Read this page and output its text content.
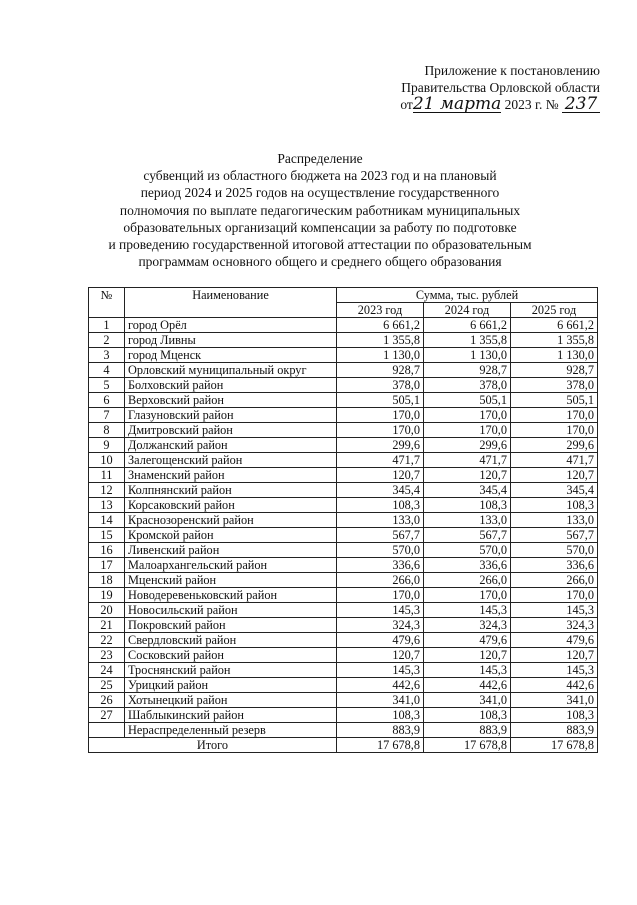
Приложение к постановлению
Правительства Орловской области
от21 марта 2023 г. № 237
Распределение
субвенций из областного бюджета на 2023 год и на плановый
период 2024 и 2025 годов на осуществление государственного
полномочия по выплате педагогическим работникам муниципальных
образовательных организаций компенсации за работу по подготовке
и проведению государственной итоговой аттестации по образовательным
программам основного общего и среднего общего образования
№	Наименование	Сумма, тыс. рублей		
		2023 год	2024 год	2025 год
1	город Орёл	6 661,2	6 661,2	6 661,2
2	город Ливны	1 355,8	1 355,8	1 355,8
3	город Мценск	1 130,0	1 130,0	1 130,0
4	Орловский муниципальный округ	928,7	928,7	928,7
5	Болховский район	378,0	378,0	378,0
6	Верховский район	505,1	505,1	505,1
7	Глазуновский район	170,0	170,0	170,0
8	Дмитровский район	170,0	170,0	170,0
9	Должанский район	299,6	299,6	299,6
10	Залегощенский район	471,7	471,7	471,7
11	Знаменский район	120,7	120,7	120,7
12	Колпнянский район	345,4	345,4	345,4
13	Корсаковский район	108,3	108,3	108,3
14	Краснозоренский район	133,0	133,0	133,0
15	Кромской район	567,7	567,7	567,7
16	Ливенский район	570,0	570,0	570,0
17	Малоархангельский район	336,6	336,6	336,6
18	Мценский район	266,0	266,0	266,0
19	Новодеревеньковский район	170,0	170,0	170,0
20	Новосильский район	145,3	145,3	145,3
21	Покровский район	324,3	324,3	324,3
22	Свердловский район	479,6	479,6	479,6
23	Сосковский район	120,7	120,7	120,7
24	Троснянский район	145,3	145,3	145,3
25	Урицкий район	442,6	442,6	442,6
26	Хотынецкий район	341,0	341,0	341,0
27	Шаблыкинский район	108,3	108,3	108,3
	Нераспределенный резерв	883,9	883,9	883,9
Итого		17 678,8	17 678,8	17 678,8
